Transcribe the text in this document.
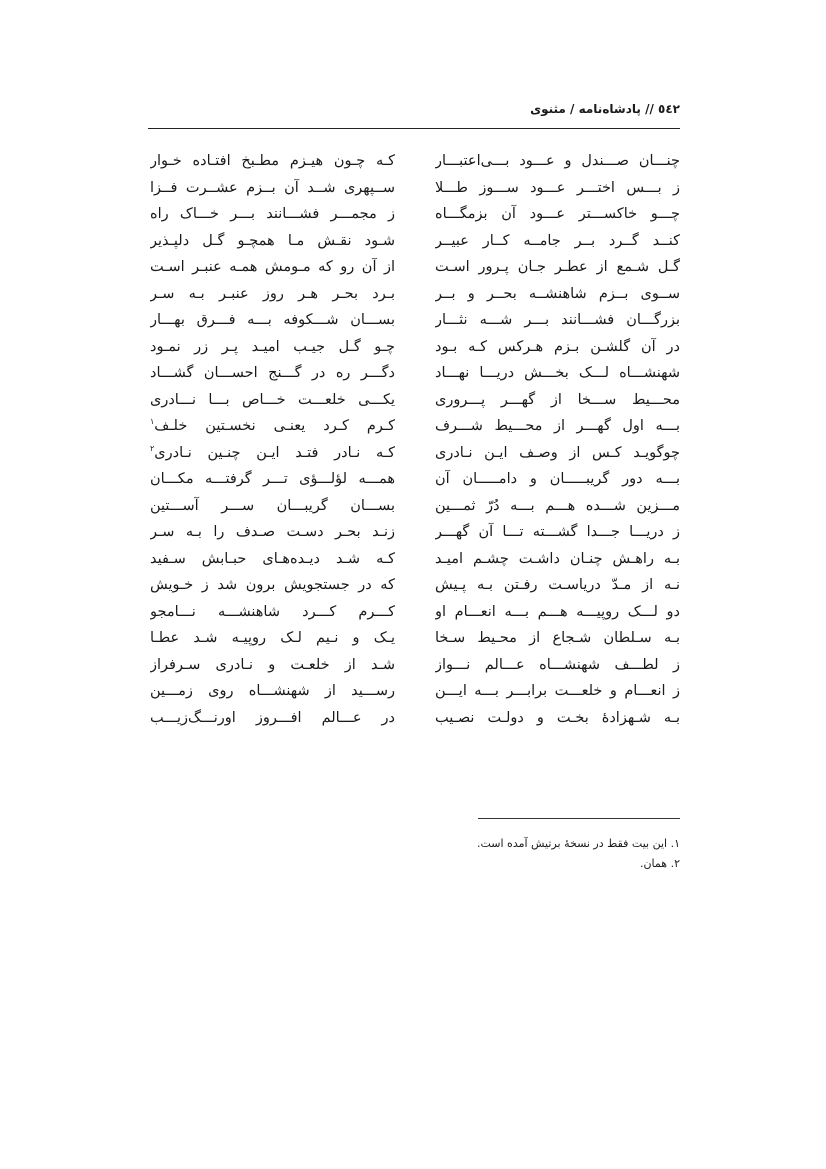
٥٤٢ // پادشاه‌نامه / مثنوی
چنـــان صـــندل و عـــود بـــی‌اعتبـــار
کـه چـون هیـزم مطـبخ افتـاده خـوار
ز بـــس اختـــر عـــود ســـوز طـــلا
ســپهری شــد آن بــزم عشــرت فــزا
چـــو خاکســـتر عـــود آن بزمگـــاه
ز مجمـــر فشـــانند بـــر خـــاک راه
کنــد گــرد بــر جامــه کــار عبیــر
شـود نقـش مـا همچـو گـل دلپـذیر
گـل شـمع از عطـر جـان پـرور اسـت
از آن رو که مـومش همـه عنبـر اسـت
ســوی بــزم شاهنشــه بحــر و بــر
بـرد بحـر هـر روز عنبـر بـه سـر
بزرگـــان فشـــانند بـــر شـــه نثـــار
بســـان شـــکوفه بـــه فـــرق بهـــار
در آن گلشـن بـزم هـرکس کـه بـود
چـو گـل جیـب امیـد پـر زر نمـود
شهنشـــاه لـــک بخـــش دریـــا نهـــاد
دگـــر ره در گـــنج احســـان گشـــاد
محـــیط ســـخا از گهـــر پـــروری
یکـــی خلعـــت خـــاص بـــا نـــادری
بـــه اول گهـــر از محـــیط شـــرف
کـرم کـرد یعنـی نخسـتین خلـف$^۱$
چوگویـد کـس از وصـف ایـن نـادری
کـه نـادر فتـد ایـن چنـین نـادری$^۲$
بـــه دور گریبـــــان و دامـــــان آن
همـــه لؤلـــؤی تـــر گرفتـــه مکـــان
مـــزین شـــده هـــم بـــه دُرّ ثمـــین
بســـان گریبـــان ســـر آســـتین
ز دریـــا جـــدا گشـــته تـــا آن گهـــر
زنـد بحـر دسـت صـدف را بـه سـر
بـه راهـش چنـان داشـت چشـم امیـد
کـه شـد دیـده‌هـای حبـابش سـفید
نـه از مـدّ دریاسـت رفـتن بـه پـیش
که در جستجویش برون شد ز خـویش
دو لـــک روپیـــه هـــم بـــه انعـــام او
کـــرم کـــرد شاهنشـــه نـــامجو
بـه سـلطان شـجاع از محـیط سـخا
یـک و نـیم لـک روپیـه شـد عطـا
ز لطـــف شهنشـــاه عـــالم نـــواز
شـد از خلعـت و نـادری سـرفراز
ز انعـــام و خلعـــت برابـــر بـــه ایـــن
رســـید از شهنشـــاه روی زمـــین
بـه شـهزادهٔ بخـت و دولـت نصـیب
در عـــالم افـــروز اورنـــگ‌زیـــب
۱. این بیت فقط در نسخهٔ برتیش آمده است.
۲. همان.
